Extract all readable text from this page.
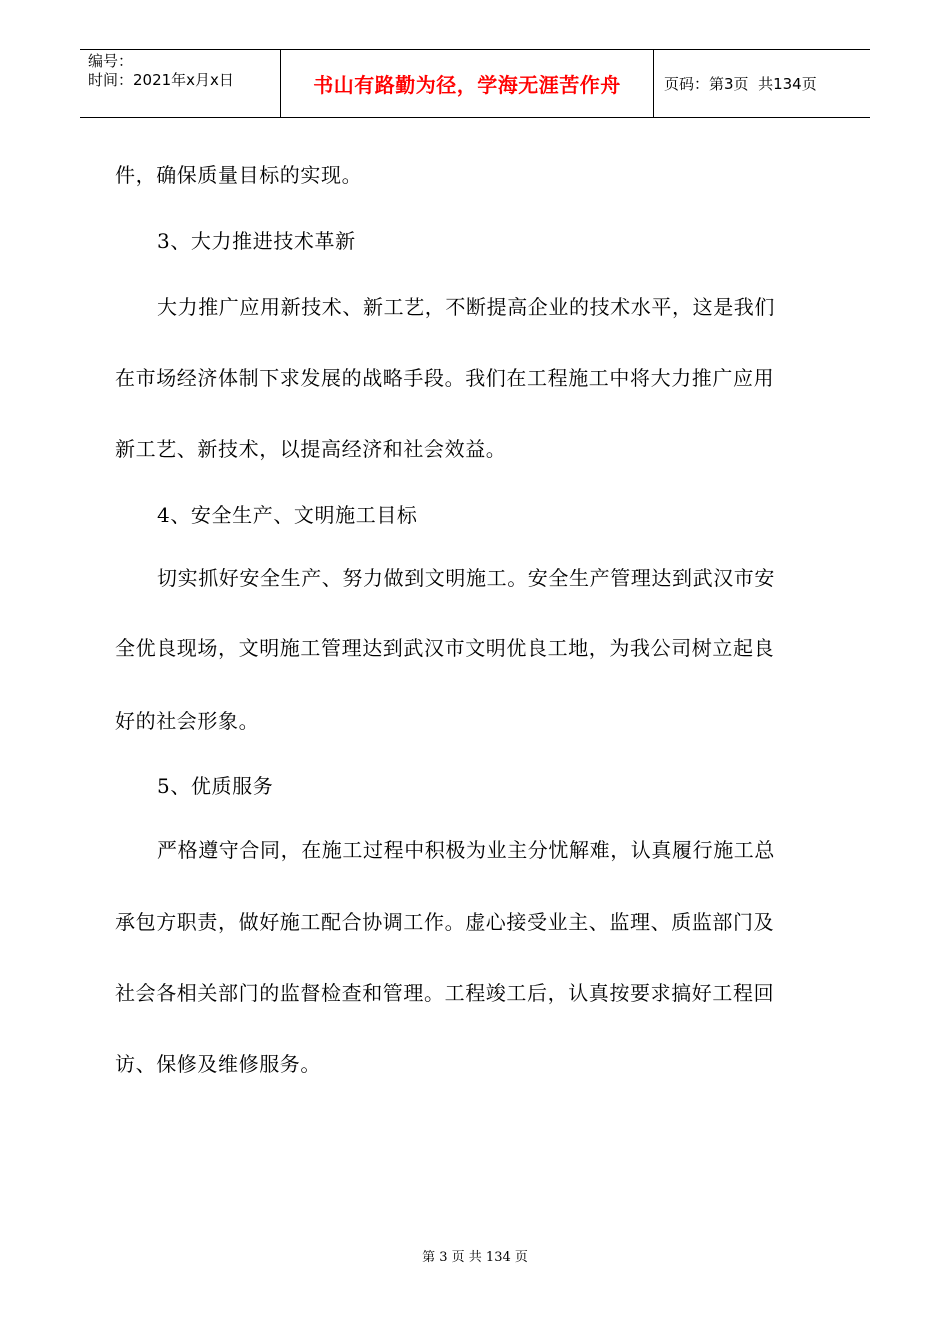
编号：
时间：2021年x月x日	书山有路勤为径，学海无涯苦作舟	页码：第3页  共134页
件，确保质量目标的实现。
3、大力推进技术革新
大力推广应用新技术、新工艺，不断提高企业的技术水平，这是我们
在市场经济体制下求发展的战略手段。我们在工程施工中将大力推广应用
新工艺、新技术，以提高经济和社会效益。
4、安全生产、文明施工目标
切实抓好安全生产、努力做到文明施工。安全生产管理达到武汉市安
全优良现场，文明施工管理达到武汉市文明优良工地，为我公司树立起良
好的社会形象。
5、优质服务
严格遵守合同，在施工过程中积极为业主分忧解难，认真履行施工总
承包方职责，做好施工配合协调工作。虚心接受业主、监理、质监部门及
社会各相关部门的监督检查和管理。工程竣工后，认真按要求搞好工程回
访、保修及维修服务。
第 3 页 共 134 页
